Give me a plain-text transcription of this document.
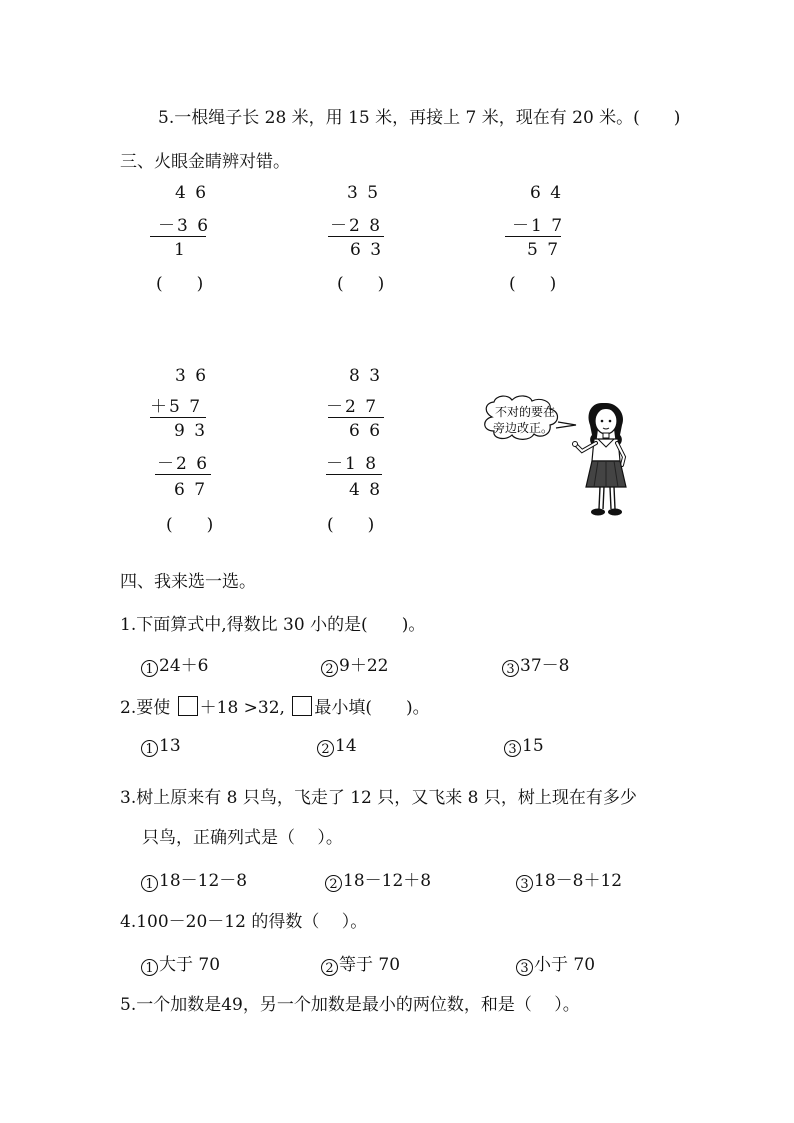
5.一根绳子长 28 米，用 15 米，再接上 7 米，现在有 20 米。(　　)
三、火眼金睛辨对错。
4 6
－3 6
1
(　　)
3 5
－2 8
6 3
(　　)
6 4
－1 7
5 7
(　　)
3 6
＋5 7
9 3
－2 6
6 7
(　　)
8 3
－2 7
6 6
－1 8
4 8
(　　)
不对的要在
旁边改正。
四、我来选一选。
1.下面算式中,得数比 30 小的是(　　)。
1 24＋6	2 9＋22	3 37－8
2.要使 ＋18 >32, 最小填(　　)。
1 13	2 14	3 15
3.树上原来有 8 只鸟，飞走了 12 只，又飞来 8 只，树上现在有多少
只鸟，正确列式是（　 ）。
1 18－12－8	2 18－12＋8	3 18－8＋12
4.100－20－12 的得数（　 ）。
1 大于 70	2 等于 70	3 小于 70
5.一个加数是49，另一个加数是最小的两位数，和是（　 ）。
